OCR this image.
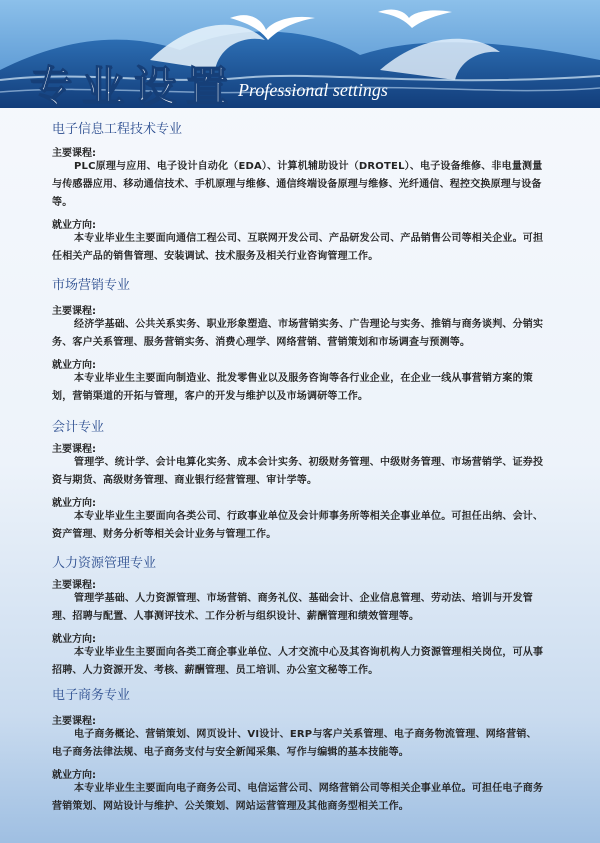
专业设置 Professional settings
电子信息工程技术专业
主要课程:
PLC原理与应用、电子设计自动化（EDA）、计算机辅助设计（DROTEL）、电子设备维修、非电量测量与传感器应用、移动通信技术、手机原理与维修、通信终端设备原理与维修、光纤通信、程控交换原理与设备等。
就业方向:
本专业毕业生主要面向通信工程公司、互联网开发公司、产品研发公司、产品销售公司等相关企业。可担任相关产品的销售管理、安装调试、技术服务及相关行业咨询管理工作。
市场营销专业
主要课程:
经济学基础、公共关系实务、职业形象塑造、市场营销实务、广告理论与实务、推销与商务谈判、分销实务、客户关系管理、服务营销实务、消费心理学、网络营销、营销策划和市场调查与预测等。
就业方向:
本专业毕业生主要面向制造业、批发零售业以及服务咨询等各行业企业，在企业一线从事营销方案的策划，营销渠道的开拓与管理，客户的开发与维护以及市场调研等工作。
会计专业
主要课程:
管理学、统计学、会计电算化实务、成本会计实务、初级财务管理、中级财务管理、市场营销学、证券投资与期货、高级财务管理、商业银行经营管理、审计学等。
就业方向:
本专业毕业生主要面向各类公司、行政事业单位及会计师事务所等相关企事业单位。可担任出纳、会计、资产管理、财务分析等相关会计业务与管理工作。
人力资源管理专业
主要课程:
管理学基础、人力资源管理、市场营销、商务礼仪、基础会计、企业信息管理、劳动法、培训与开发管理、招聘与配置、人事测评技术、工作分析与组织设计、薪酬管理和绩效管理等。
就业方向:
本专业毕业生主要面向各类工商企事业单位、人才交流中心及其咨询机构人力资源管理相关岗位，可从事招聘、人力资源开发、考核、薪酬管理、员工培训、办公室文秘等工作。
电子商务专业
主要课程:
电子商务概论、营销策划、网页设计、VI设计、ERP与客户关系管理、电子商务物流管理、网络营销、电子商务法律法规、电子商务支付与安全新闻采集、写作与编辑的基本技能等。
就业方向:
本专业毕业生主要面向电子商务公司、电信运营公司、网络营销公司等相关企事业单位。可担任电子商务营销策划、网站设计与维护、公关策划、网站运营管理及其他商务型相关工作。
